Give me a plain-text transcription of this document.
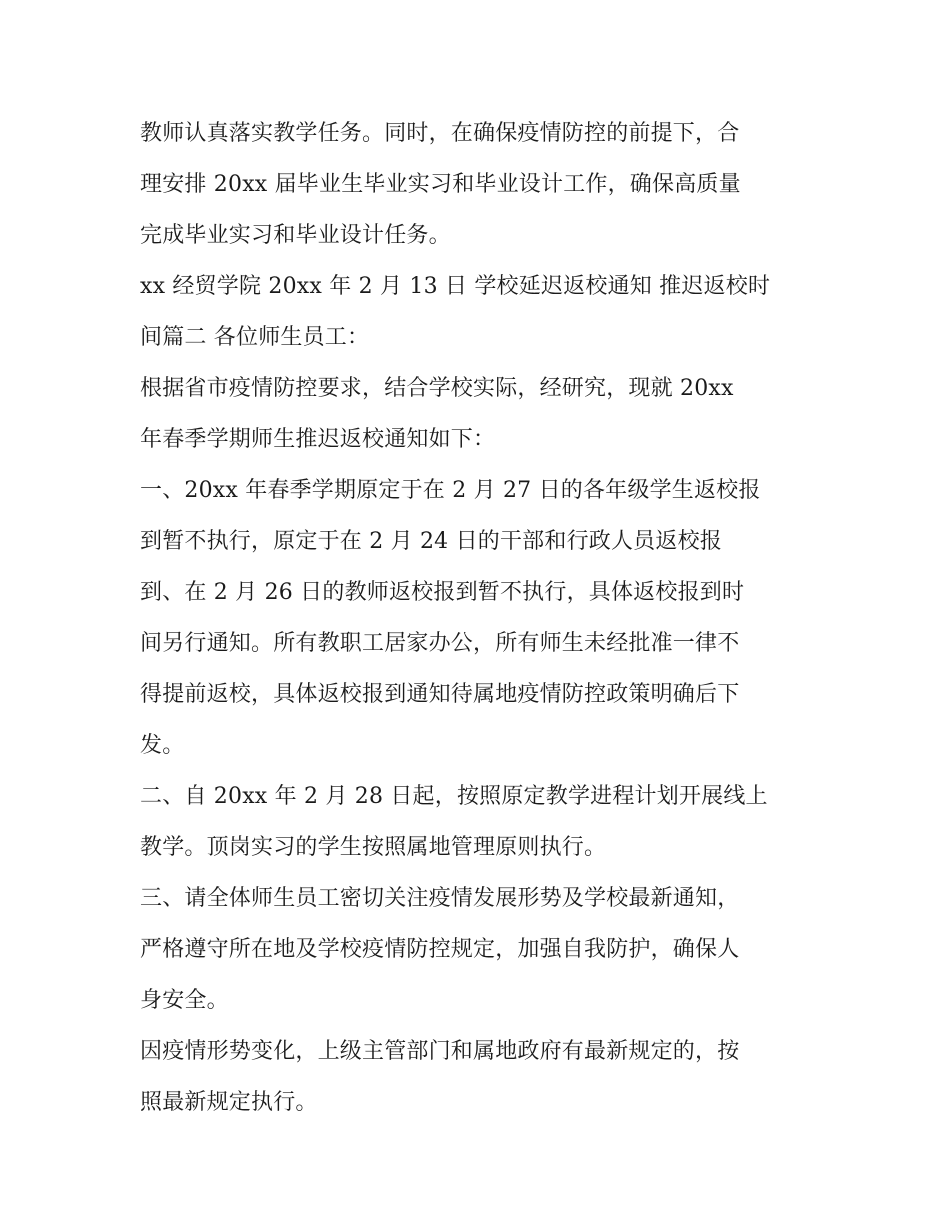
教师认真落实教学任务。同时，在确保疫情防控的前提下，合
理安排 20xx 届毕业生毕业实习和毕业设计工作，确保高质量
完成毕业实习和毕业设计任务。
xx 经贸学院 20xx 年 2 月 13 日 学校延迟返校通知 推迟返校时
间篇二 各位师生员工：
根据省市疫情防控要求，结合学校实际，经研究，现就 20xx
年春季学期师生推迟返校通知如下：
一、20xx 年春季学期原定于在 2 月 27 日的各年级学生返校报
到暂不执行，原定于在 2 月 24 日的干部和行政人员返校报
到、在 2 月 26 日的教师返校报到暂不执行，具体返校报到时
间另行通知。所有教职工居家办公，所有师生未经批准一律不
得提前返校，具体返校报到通知待属地疫情防控政策明确后下
发。
二、自 20xx 年 2 月 28 日起，按照原定教学进程计划开展线上
教学。顶岗实习的学生按照属地管理原则执行。
三、请全体师生员工密切关注疫情发展形势及学校最新通知，
严格遵守所在地及学校疫情防控规定，加强自我防护，确保人
身安全。
因疫情形势变化，上级主管部门和属地政府有最新规定的，按
照最新规定执行。
